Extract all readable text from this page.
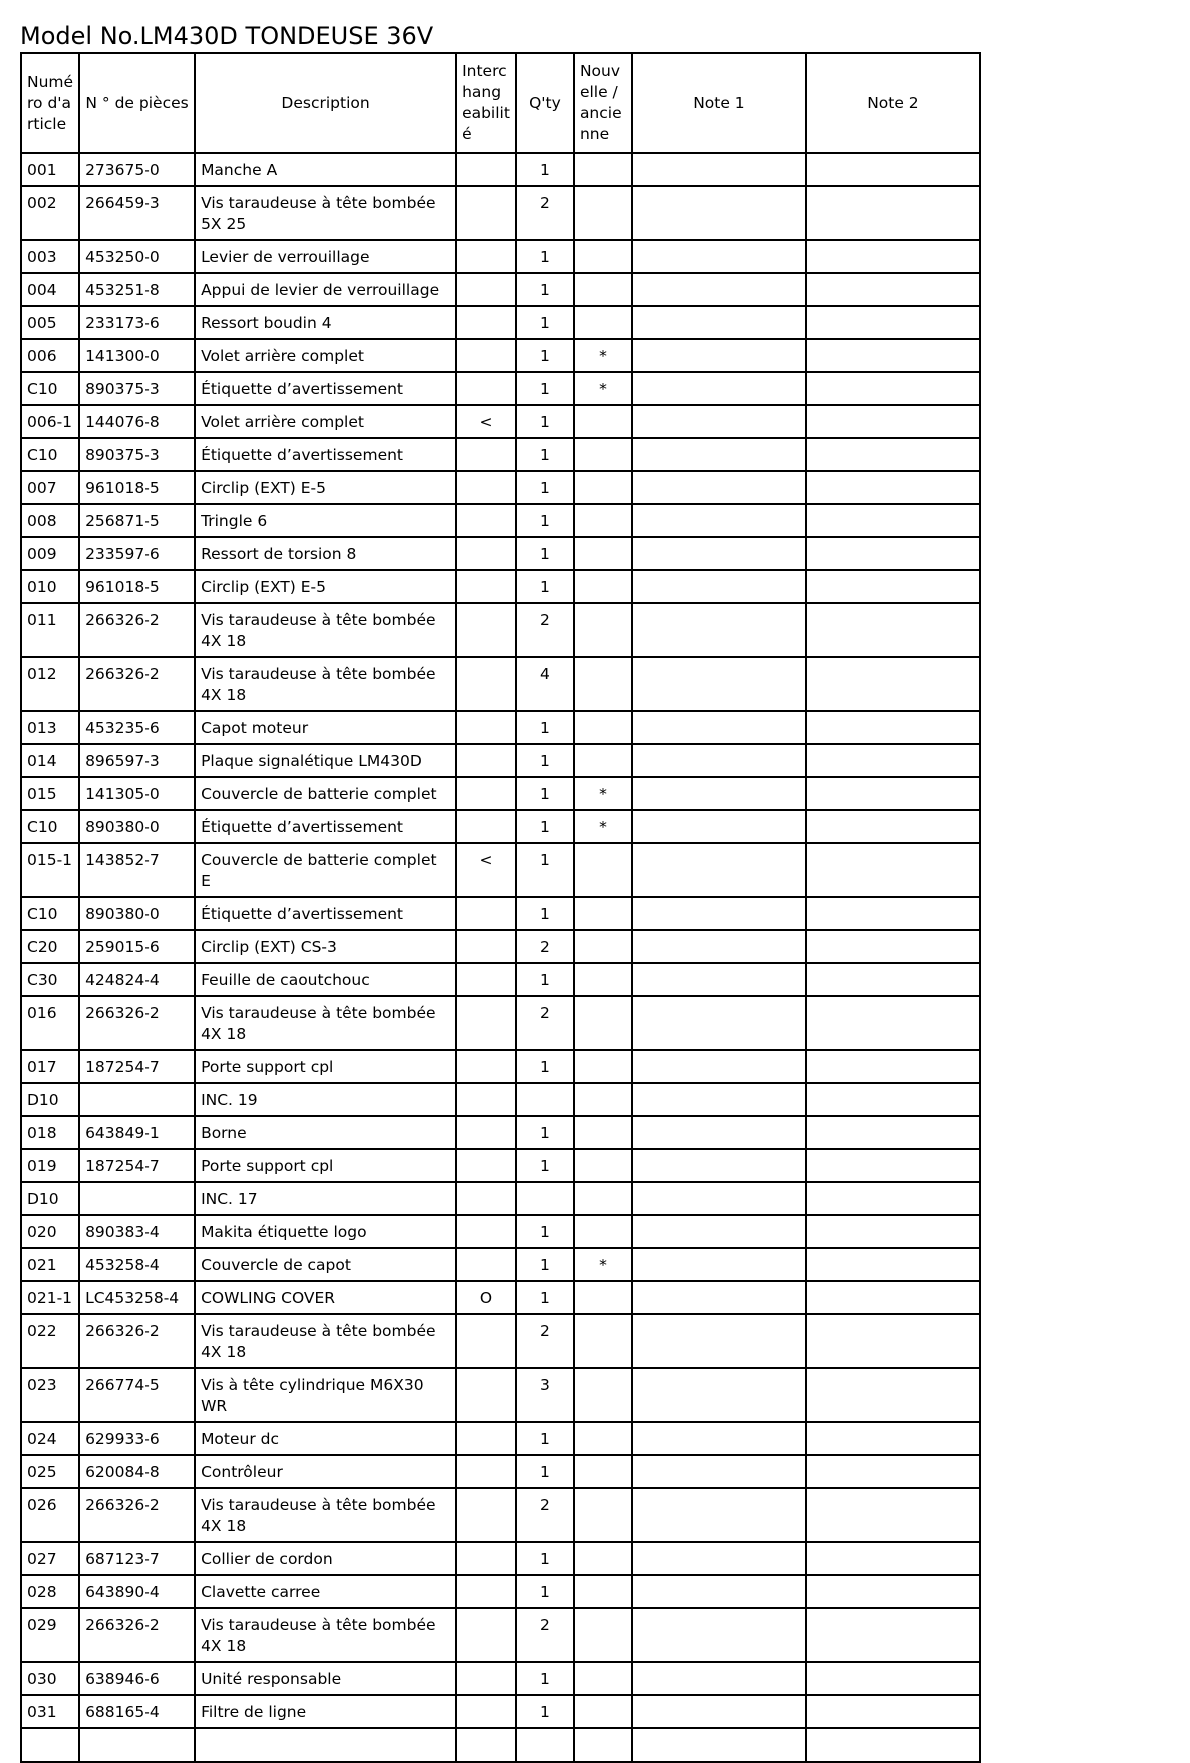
Model No.LM430D TONDEUSE 36V
Numé ro d'a rticle	N ° de pièces	Description	Interc hang eabilit é	Q'ty	Nouv elle / ancie nne	Note 1	Note 2
001	273675-0	Manche A		1			
002	266459-3	Vis taraudeuse à tête bombée 5X 25		2			
003	453250-0	Levier de verrouillage		1			
004	453251-8	Appui de levier de verrouillage		1			
005	233173-6	Ressort boudin 4		1			
006	141300-0	Volet arrière complet		1	*		
C10	890375-3	Étiquette d’avertissement		1	*		
006-1	144076-8	Volet arrière complet	<	1			
C10	890375-3	Étiquette d’avertissement		1			
007	961018-5	Circlip (EXT) E-5		1			
008	256871-5	Tringle 6		1			
009	233597-6	Ressort de torsion 8		1			
010	961018-5	Circlip (EXT) E-5		1			
011	266326-2	Vis taraudeuse à tête bombée 4X 18		2			
012	266326-2	Vis taraudeuse à tête bombée 4X 18		4			
013	453235-6	Capot moteur		1			
014	896597-3	Plaque signalétique LM430D		1			
015	141305-0	Couvercle de batterie complet		1	*		
C10	890380-0	Étiquette d’avertissement		1	*		
015-1	143852-7	Couvercle de batterie complet E	<	1			
C10	890380-0	Étiquette d’avertissement		1			
C20	259015-6	Circlip (EXT) CS-3		2			
C30	424824-4	Feuille de caoutchouc		1			
016	266326-2	Vis taraudeuse à tête bombée 4X 18		2			
017	187254-7	Porte support cpl		1			
D10		INC. 19					
018	643849-1	Borne		1			
019	187254-7	Porte support cpl		1			
D10		INC. 17					
020	890383-4	Makita étiquette logo		1			
021	453258-4	Couvercle de capot		1	*		
021-1	LC453258-4	COWLING COVER	O	1			
022	266326-2	Vis taraudeuse à tête bombée 4X 18		2			
023	266774-5	Vis à tête cylindrique M6X30 WR		3			
024	629933-6	Moteur dc		1			
025	620084-8	Contrôleur		1			
026	266326-2	Vis taraudeuse à tête bombée 4X 18		2			
027	687123-7	Collier de cordon		1			
028	643890-4	Clavette carree		1			
029	266326-2	Vis taraudeuse à tête bombée 4X 18		2			
030	638946-6	Unité responsable		1			
031	688165-4	Filtre de ligne		1			
